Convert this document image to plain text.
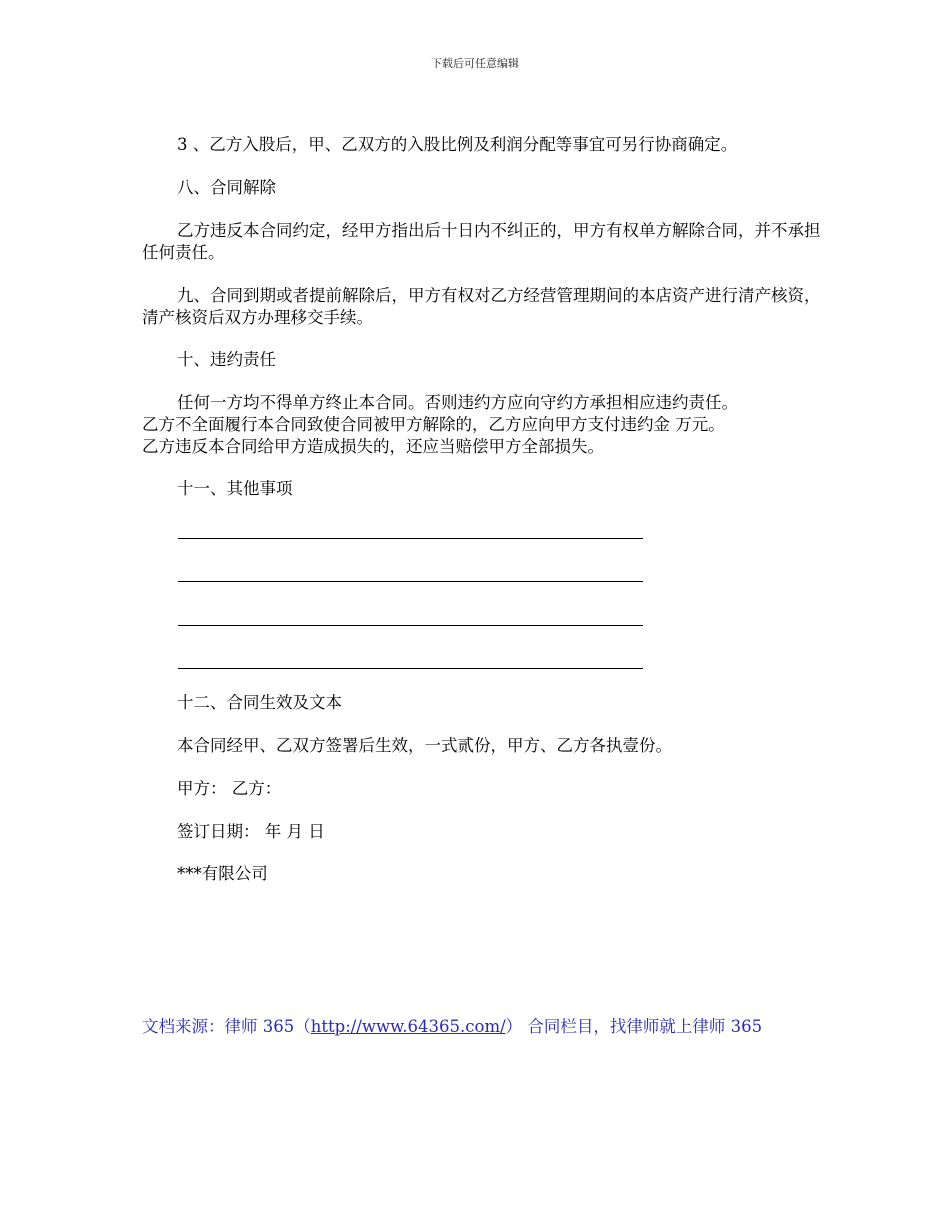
下载后可任意编辑
3 、乙方入股后，甲、乙双方的入股比例及利润分配等事宜可另行协商确定。
八、合同解除
乙方违反本合同约定，经甲方指出后十日内不纠正的，甲方有权单方解除合同，并不承担任何责任。
九、合同到期或者提前解除后，甲方有权对乙方经营管理期间的本店资产进行清产核资，清产核资后双方办理移交手续。
十、违约责任
任何一方均不得单方终止本合同。否则违约方应向守约方承担相应违约责任。
乙方不全面履行本合同致使合同被甲方解除的，乙方应向甲方支付违约金 万元。
乙方违反本合同给甲方造成损失的，还应当赔偿甲方全部损失。
十一、其他事项
十二、合同生效及文本
本合同经甲、乙双方签署后生效，一式贰份，甲方、乙方各执壹份。
甲方： 乙方：
签订日期： 年 月 日
***有限公司
文档来源：律师 365（http://www.64365.com/） 合同栏目，找律师就上律师 365
